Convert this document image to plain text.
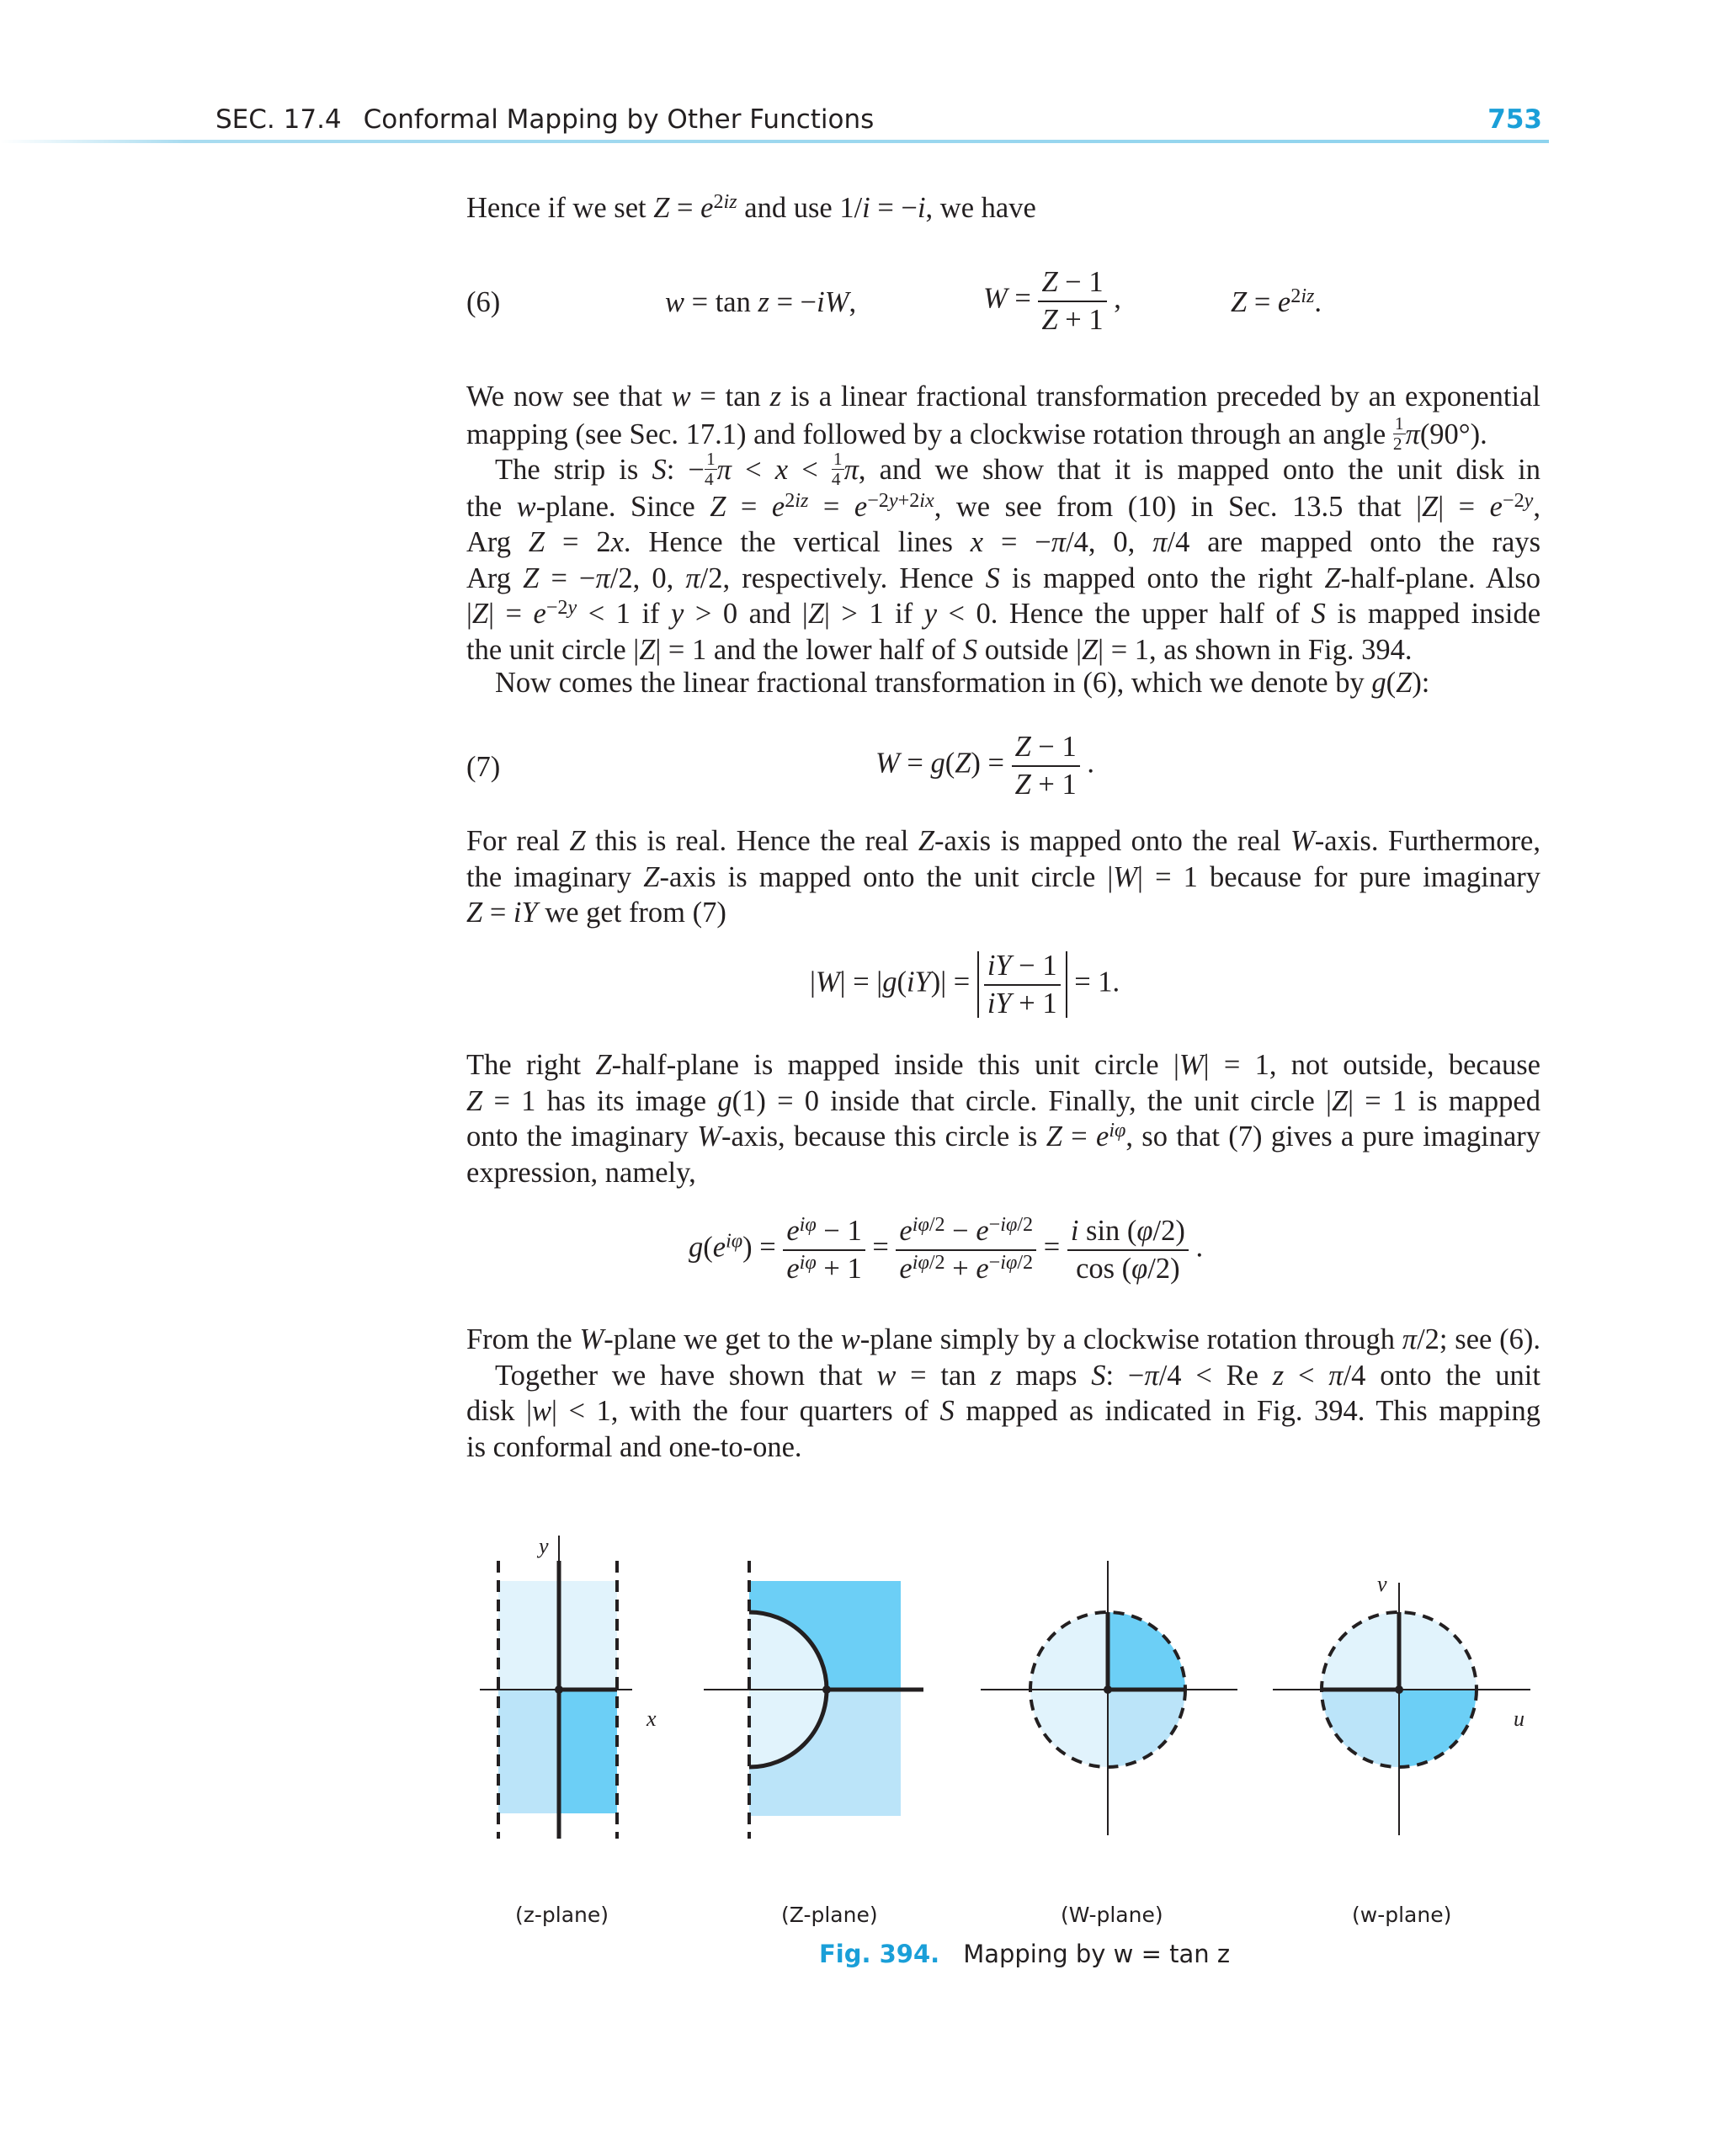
SEC. 17.4 Conformal Mapping by Other Functions	753

Hence if we set $Z = e^{2iz}$ and use 1/i = −i, we have

(6)	w = tan z = −iW,	$W = \frac{Z - 1}{Z + 1}$ ,	$Z = e^{2iz}$.

We now see that w = tan z is a linear fractional transformation preceded by an exponential
mapping (see Sec. 17.1) and followed by a clockwise rotation through an angle $\frac{1}{2} \pi(90^\circ)$.

The strip is S: − $\frac{1}{4}$ $\pi < x < \frac{1}{4} \pi$, and we show that it is mapped onto the unit disk in
the w-plane. Since $Z = e^{2iz} = e^{-2y+2ix}$, we see from (10) in Sec. 13.5 that $|Z| = e^{-2y}$,
Arg Z = 2x. Hence the vertical lines x = −π/4, 0, π/4 are mapped onto the rays
Arg Z = −π/2, 0, π/2, respectively. Hence S is mapped onto the right Z-half-plane. Also
$|Z| = e^{-2y} < 1$ if y > 0 and |Z| > 1 if y < 0. Hence the upper half of S is mapped inside
the unit circle |Z| = 1 and the lower half of S outside |Z| = 1, as shown in Fig. 394.

Now comes the linear fractional transformation in (6), which we denote by g(Z):

(7)	$W = g(Z) = \frac{Z - 1}{Z + 1}$ .

For real Z this is real. Hence the real Z-axis is mapped onto the real W-axis. Furthermore,
the imaginary Z-axis is mapped onto the unit circle |W| = 1 because for pure imaginary
Z = iY we get from (7)

$|W| = |g(iY)| = \frac{iY - 1}{iY + 1} = 1$.

The right Z-half-plane is mapped inside this unit circle |W| = 1, not outside, because
Z = 1 has its image g(1) = 0 inside that circle. Finally, the unit circle |Z| = 1 is mapped
onto the imaginary W-axis, because this circle is $Z = e^{i\varphi}$, so that (7) gives a pure imaginary
expression, namely,

$g(e^{i\varphi}) = \frac{e^{i\varphi} - 1}{e^{i\varphi} + 1} = \frac{e^{i\varphi/2} - e^{-i\varphi/2}}{e^{i\varphi/2} + e^{-i\varphi/2}} = \frac{\text{i sin (φ/2)}}{\cos (\varphi/2)}$ .

From the W-plane we get to the w-plane simply by a clockwise rotation through π/2; see (6).
Together we have shown that w = tan z maps S: −π/4 < Re z < π/4 onto the unit
disk |w| < 1, with the four quarters of S mapped as indicated in Fig. 394. This mapping
is conformal and one-to-one.

y
x
v
u
(z-plane)	(Z-plane)	(W-plane)	(w-plane)
Fig. 394. Mapping by w = tan z
